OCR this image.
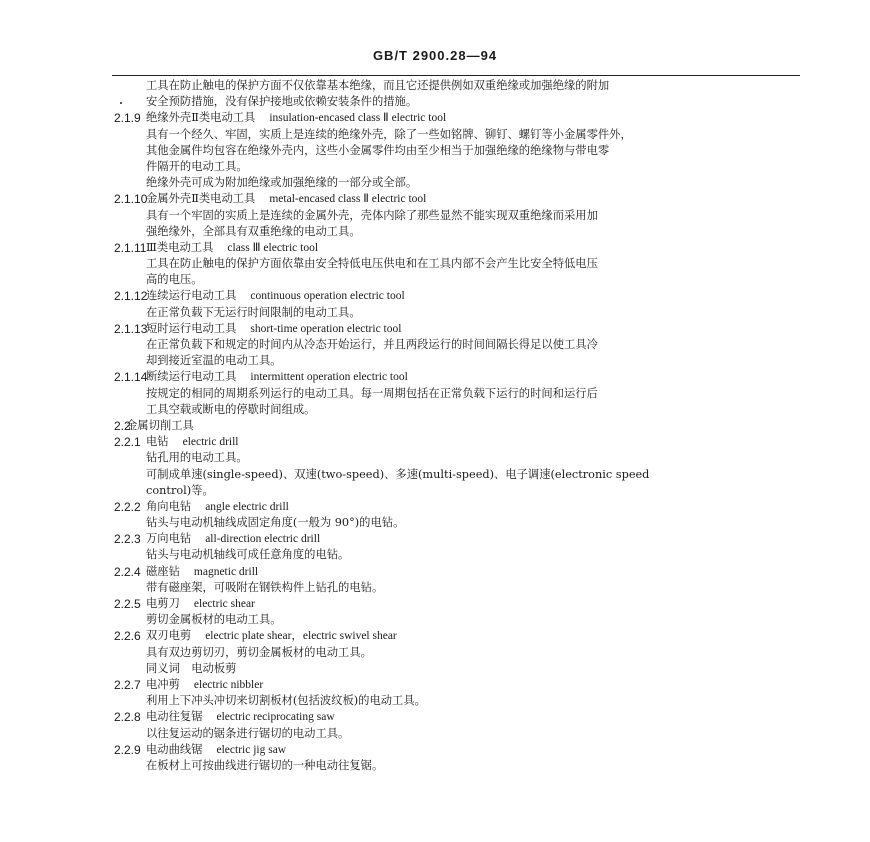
GB/T 2900.28—94
工具在防止触电的保护方面不仅依靠基本绝缘，而且它还提供例如双重绝缘或加强绝缘的附加
安全预防措施，没有保护接地或依赖安装条件的措施。
2.1.9 绝缘外壳Ⅱ类电动工具 insulation-encased class Ⅱ electric tool
具有一个经久、牢固，实质上是连续的绝缘外壳，除了一些如铭牌、铆钉、螺钉等小金属零件外，
其他金属件均包容在绝缘外壳内，这些小金属零件均由至少相当于加强绝缘的绝缘物与带电零
件隔开的电动工具。
绝缘外壳可成为附加绝缘或加强绝缘的一部分或全部。
2.1.10
金属外壳Ⅱ类电动工具 metal-encased class Ⅱ electric tool
具有一个牢固的实质上是连续的金属外壳，壳体内除了那些显然不能实现双重绝缘而采用加
强绝缘外，全部具有双重绝缘的电动工具。
2.1.11 Ⅲ类电动工具 class Ⅲ electric tool
工具在防止触电的保护方面依靠由安全特低电压供电和在工具内部不会产生比安全特低电压
高的电压。
2.1.12
连续运行电动工具 continuous operation electric tool
在正常负载下无运行时间限制的电动工具。
2.1.13
短时运行电动工具 short-time operation electric tool
在正常负载下和规定的时间内从冷态开始运行，并且两段运行的时间间隔长得足以使工具冷
却到接近室温的电动工具。
2.1.14
断续运行电动工具 intermittent operation electric tool
按规定的相同的周期系列运行的电动工具。每一周期包括在正常负载下运行的时间和运行后
工具空载或断电的停歇时间组成。
2.2
金属切削工具
2.2.1 电钻 electric drill
钻孔用的电动工具。
可制成单速(single-speed)、双速(two-speed)、多速(multi-speed)、电子调速(electronic speed
control)等。
2.2.2 角向电钻 angle electric drill
钻头与电动机轴线成固定角度(一般为 90°)的电钻。
2.2.3 万向电钻 all-direction electric drill
钻头与电动机轴线可成任意角度的电钻。
2.2.4 磁座钻 magnetic drill
带有磁座架，可吸附在钢铁构件上钻孔的电钻。
2.2.5 电剪刀 electric shear
剪切金属板材的电动工具。
2.2.6 双刃电剪 electric plate shear，electric swivel shear
具有双边剪切刃，剪切金属板材的电动工具。
同义词　电动板剪
2.2.7 电冲剪 electric nibbler
利用上下冲头冲切来切割板材(包括波纹板)的电动工具。
2.2.8 电动往复锯 electric reciprocating saw
以往复运动的锯条进行锯切的电动工具。
2.2.9 电动曲线锯 electric jig saw
在板材上可按曲线进行锯切的一种电动往复锯。
